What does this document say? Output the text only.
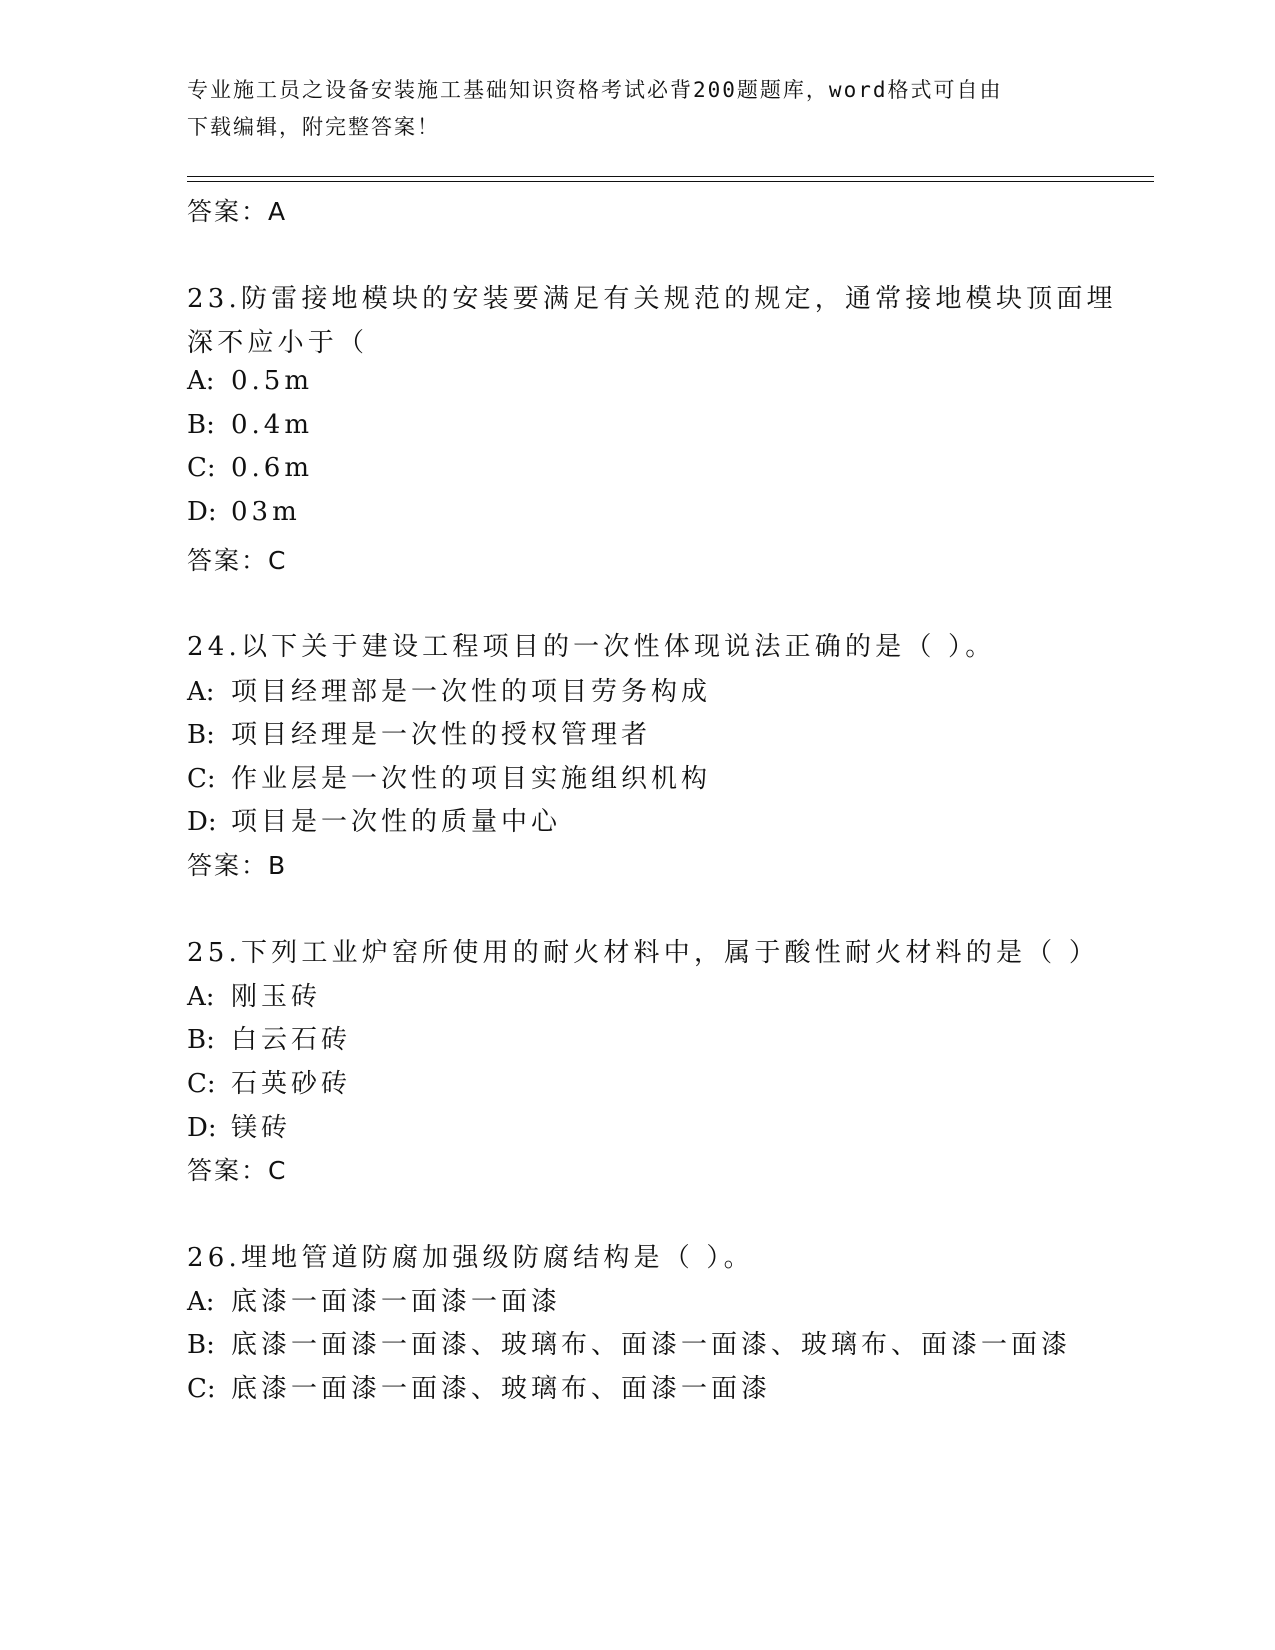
专业施工员之设备安装施工基础知识资格考试必背200题题库，word格式可自由
下载编辑，附完整答案！
答案：A
23.防雷接地模块的安装要满足有关规范的规定，通常接地模块顶面埋
深不应小于（
A: 0.5m
B: 0.4m
C: 0.6m
D: 03m
答案：C
24.以下关于建设工程项目的一次性体现说法正确的是（ ）。
A: 项目经理部是一次性的项目劳务构成
B: 项目经理是一次性的授权管理者
C: 作业层是一次性的项目实施组织机构
D: 项目是一次性的质量中心
答案：B
25.下列工业炉窑所使用的耐火材料中，属于酸性耐火材料的是（ ）
A: 刚玉砖
B: 白云石砖
C: 石英砂砖
D: 镁砖
答案：C
26.埋地管道防腐加强级防腐结构是（ ）。
A: 底漆一面漆一面漆一面漆
B: 底漆一面漆一面漆、玻璃布、面漆一面漆、玻璃布、面漆一面漆
C: 底漆一面漆一面漆、玻璃布、面漆一面漆
